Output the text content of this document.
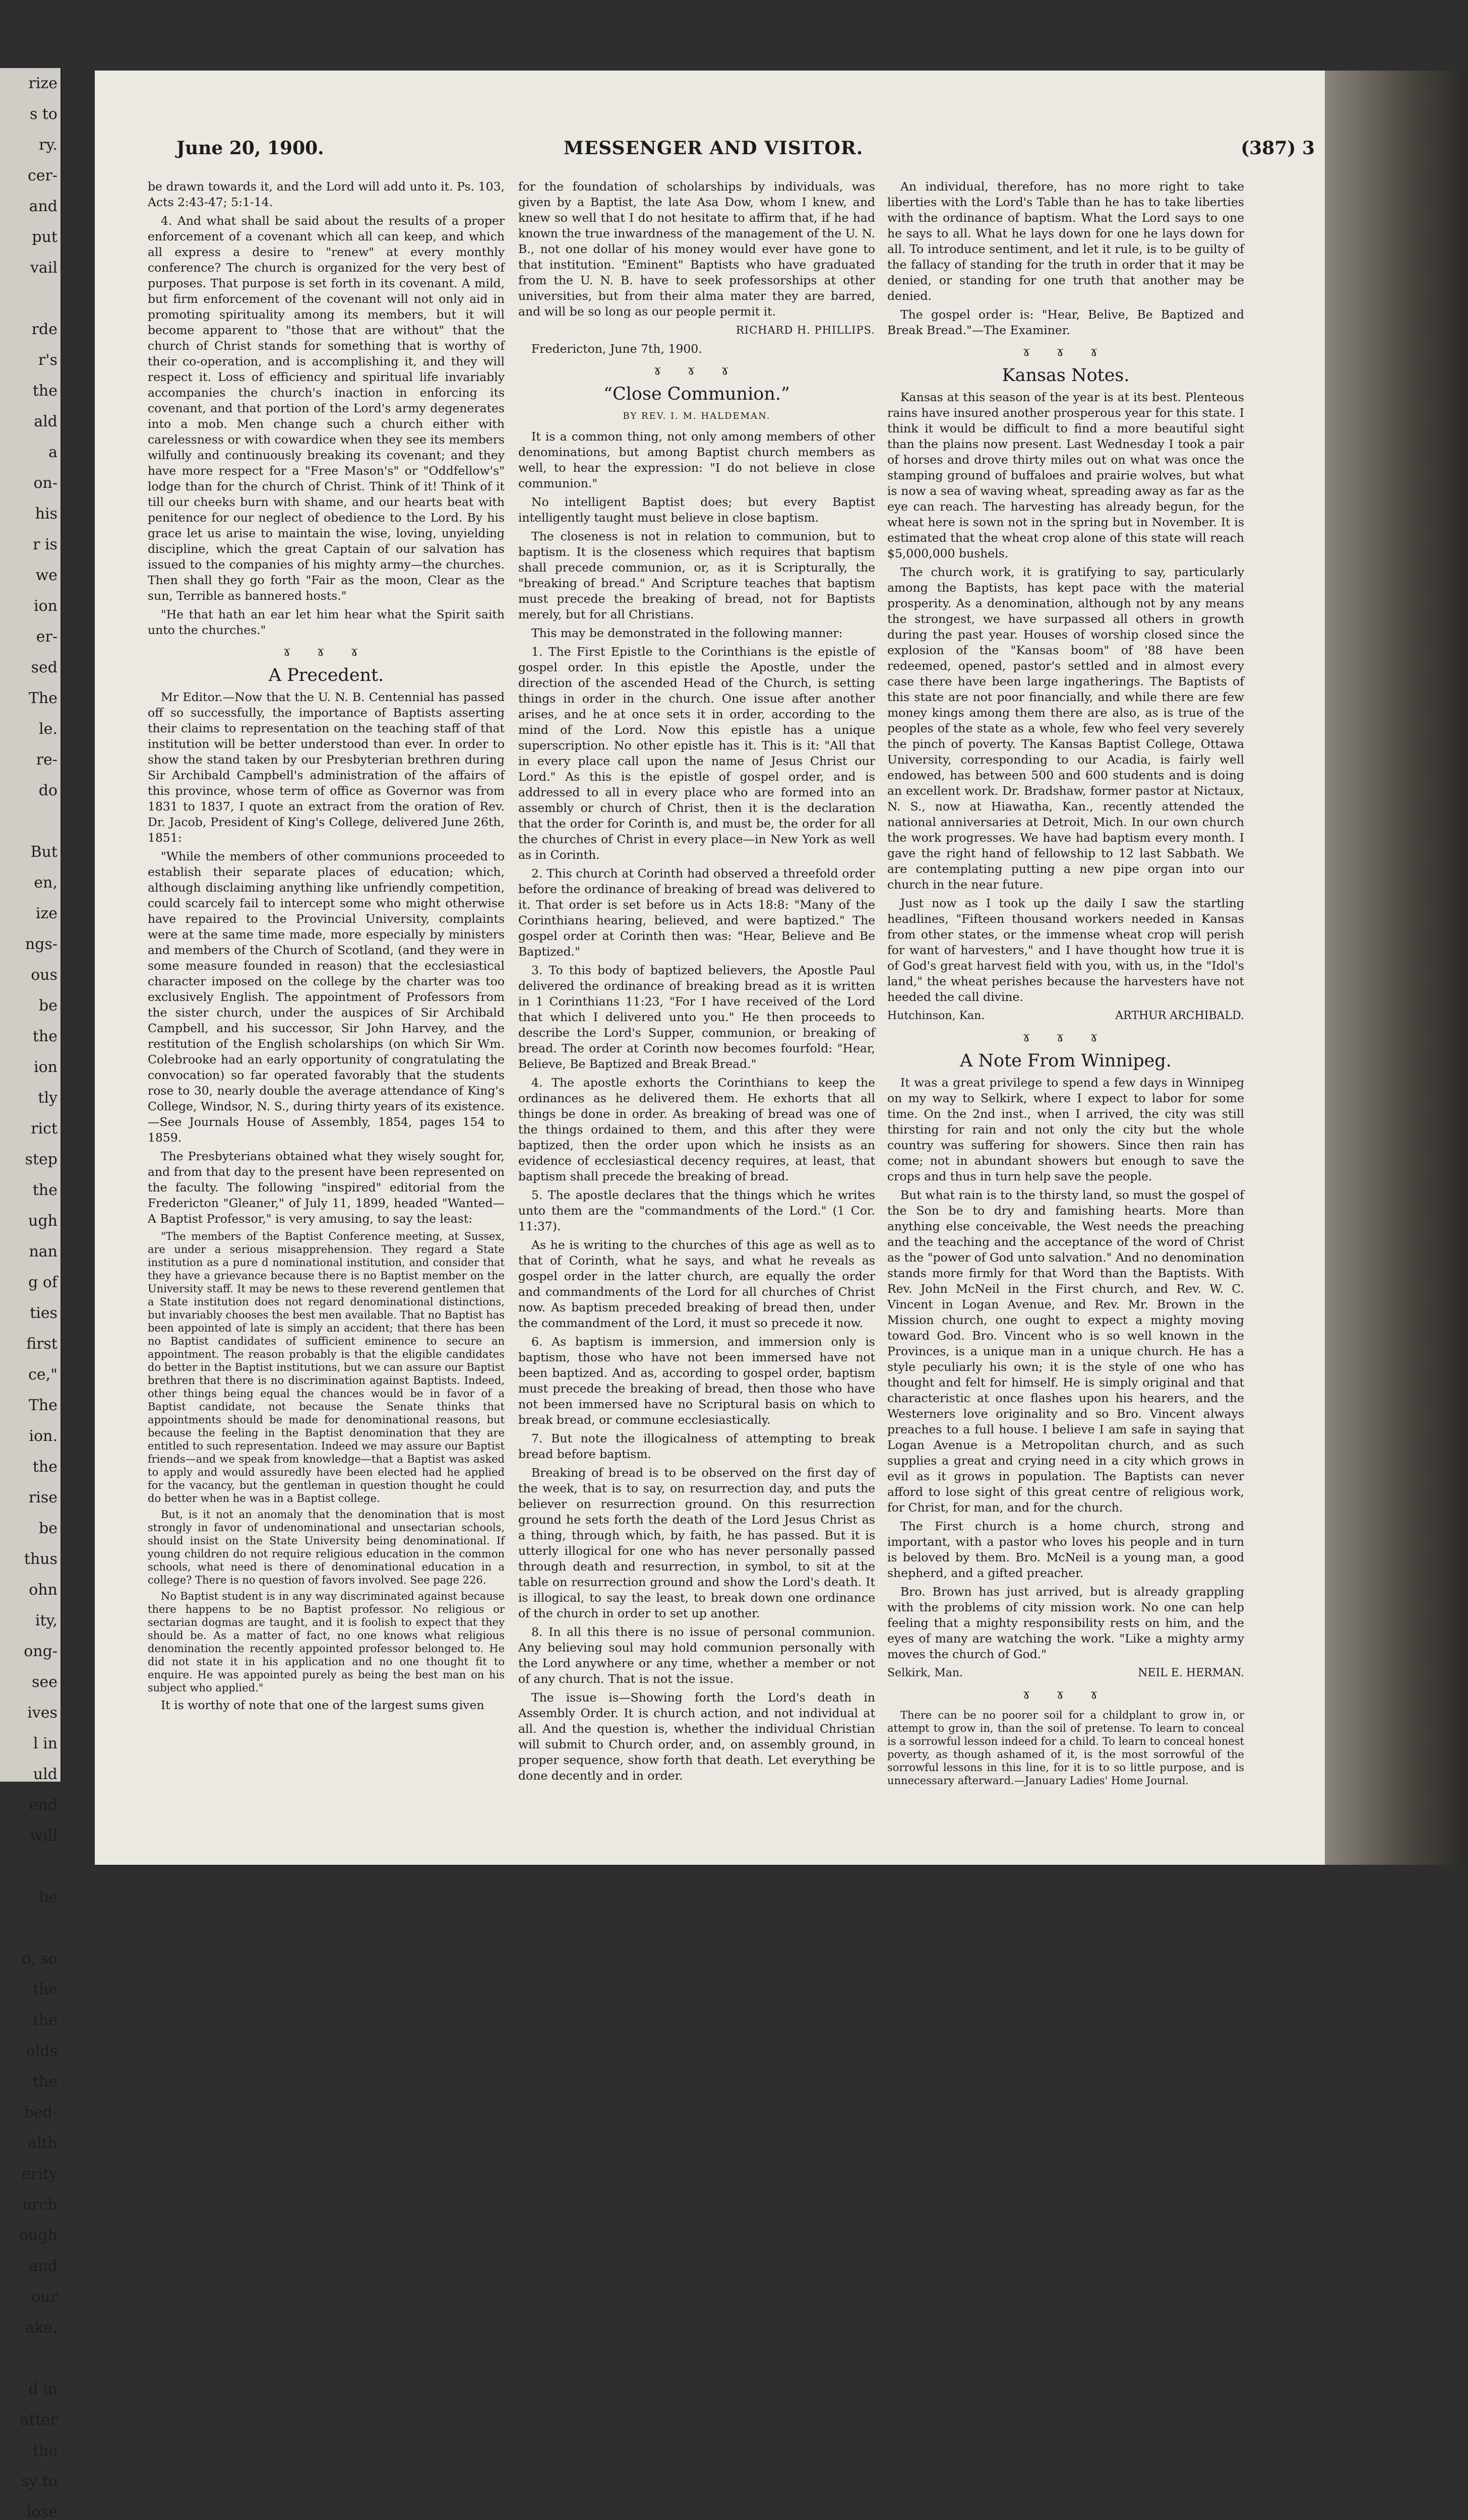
rize
s to
ry.
cer-
and
put
vail
rde
r's
the
ald
a
on-
his
r is
we
ion
er-
sed
The
le.
re-
do
But
en,
ize
ngs-
ous
be
the
ion
tly
rict
step
the
ugh
nan
g of
ties
first
ce,"
The
ion.
the
rise
be
thus
ohn
ity,
ong-
see
ives
l in
uld
end
will
be
o, so
the
the
olds
the
bed-
alth
erity
urch
ough
and
our
ake.
d in
atter
the
sy to
lose
June 20, 1900.	MESSENGER AND VISITOR.	(387) 3

be drawn towards it, and the Lord will add unto it. Ps. 103, Acts 2:43-47; 5:1-14.

4. And what shall be said about the results of a proper enforcement of a covenant which all can keep, and which all express a desire to "renew" at every monthly conference? The church is organized for the very best of purposes. That purpose is set forth in its covenant. A mild, but firm enforcement of the covenant will not only aid in promoting spirituality among its members, but it will become apparent to "those that are without" that the church of Christ stands for something that is worthy of their co-operation, and is accomplishing it, and they will respect it. Loss of efficiency and spiritual life invariably accompanies the church's inaction in enforcing its covenant, and that portion of the Lord's army degenerates into a mob. Men change such a church either with carelessness or with cowardice when they see its members wilfully and continuously breaking its covenant; and they have more respect for a "Free Mason's" or "Oddfellow's" lodge than for the church of Christ. Think of it! Think of it till our cheeks burn with shame, and our hearts beat with penitence for our neglect of obedience to the Lord. By his grace let us arise to maintain the wise, loving, unyielding discipline, which the great Captain of our salvation has issued to the companies of his mighty army—the churches. Then shall they go forth "Fair as the moon, Clear as the sun, Terrible as bannered hosts."

"He that hath an ear let him hear what the Spirit saith unto the churches."

ɤ ɤ ɤ
A Precedent.

Mr Editor.—Now that the U. N. B. Centennial has passed off so successfully, the importance of Baptists asserting their claims to representation on the teaching staff of that institution will be better understood than ever. In order to show the stand taken by our Presbyterian brethren during Sir Archibald Campbell's administration of the affairs of this province, whose term of office as Governor was from 1831 to 1837, I quote an extract from the oration of Rev. Dr. Jacob, President of King's College, delivered June 26th, 1851:

"While the members of other communions proceeded to establish their separate places of education; which, although disclaiming anything like unfriendly competition, could scarcely fail to intercept some who might otherwise have repaired to the Provincial University, complaints were at the same time made, more especially by ministers and members of the Church of Scotland, (and they were in some measure founded in reason) that the ecclesiastical character imposed on the college by the charter was too exclusively English. The appointment of Professors from the sister church, under the auspices of Sir Archibald Campbell, and his successor, Sir John Harvey, and the restitution of the English scholarships (on which Sir Wm. Colebrooke had an early opportunity of congratulating the convocation) so far operated favorably that the students rose to 30, nearly double the average attendance of King's College, Windsor, N. S., during thirty years of its existence.—See Journals House of Assembly, 1854, pages 154 to 1859.

The Presbyterians obtained what they wisely sought for, and from that day to the present have been represented on the faculty. The following "inspired" editorial from the Fredericton "Gleaner," of July 11, 1899, headed "Wanted—A Baptist Professor," is very amusing, to say the least:

"The members of the Baptist Conference meeting, at Sussex, are under a serious misapprehension. They regard a State institution as a pure d nominational institution, and consider that they have a grievance because there is no Baptist member on the University staff. It may be news to these reverend gentlemen that a State institution does not regard denominational distinctions, but invariably chooses the best men available. That no Baptist has been appointed of late is simply an accident; that there has been no Baptist candidates of sufficient eminence to secure an appointment. The reason probably is that the eligible candidates do better in the Baptist institutions, but we can assure our Baptist brethren that there is no discrimination against Baptists. Indeed, other things being equal the chances would be in favor of a Baptist candidate, not because the Senate thinks that appointments should be made for denominational reasons, but because the feeling in the Baptist denomination that they are entitled to such representation. Indeed we may assure our Baptist friends—and we speak from knowledge—that a Baptist was asked to apply and would assuredly have been elected had he applied for the vacancy, but the gentleman in question thought he could do better when he was in a Baptist college.

But, is it not an anomaly that the denomination that is most strongly in favor of undenominational and unsectarian schools, should insist on the State University being denominational. If young children do not require religious education in the common schools, what need is there of denominational education in a college? There is no question of favors involved. See page 226.

No Baptist student is in any way discriminated against because there happens to be no Baptist professor. No religious or sectarian dogmas are taught, and it is foolish to expect that they should be. As a matter of fact, no one knows what religious denomination the recently appointed professor belonged to. He did not state it in his application and no one thought fit to enquire. He was appointed purely as being the best man on his subject who applied."

It is worthy of note that one of the largest sums given

for the foundation of scholarships by individuals, was given by a Baptist, the late Asa Dow, whom I knew, and knew so well that I do not hesitate to affirm that, if he had known the true inwardness of the management of the U. N. B., not one dollar of his money would ever have gone to that institution. "Eminent" Baptists who have graduated from the U. N. B. have to seek professorships at other universities, but from their alma mater they are barred, and will be so long as our people permit it.

RICHARD H. PHILLIPS.

Fredericton, June 7th, 1900.

ɤ ɤ ɤ
“Close Communion.”
BY REV. I. M. HALDEMAN.

It is a common thing, not only among members of other denominations, but among Baptist church members as well, to hear the expression: "I do not believe in close communion."

No intelligent Baptist does; but every Baptist intelligently taught must believe in close baptism.

The closeness is not in relation to communion, but to baptism. It is the closeness which requires that baptism shall precede communion, or, as it is Scripturally, the "breaking of bread." And Scripture teaches that baptism must precede the breaking of bread, not for Baptists merely, but for all Christians.

This may be demonstrated in the following manner:

1. The First Epistle to the Corinthians is the epistle of gospel order. In this epistle the Apostle, under the direction of the ascended Head of the Church, is setting things in order in the church. One issue after another arises, and he at once sets it in order, according to the mind of the Lord. Now this epistle has a unique superscription. No other epistle has it. This is it: "All that in every place call upon the name of Jesus Christ our Lord." As this is the epistle of gospel order, and is addressed to all in every place who are formed into an assembly or church of Christ, then it is the declaration that the order for Corinth is, and must be, the order for all the churches of Christ in every place—in New York as well as in Corinth.

2. This church at Corinth had observed a threefold order before the ordinance of breaking of bread was delivered to it. That order is set before us in Acts 18:8: "Many of the Corinthians hearing, believed, and were baptized." The gospel order at Corinth then was: "Hear, Believe and Be Baptized."

3. To this body of baptized believers, the Apostle Paul delivered the ordinance of breaking bread as it is written in 1 Corinthians 11:23, "For I have received of the Lord that which I delivered unto you." He then proceeds to describe the Lord's Supper, communion, or breaking of bread. The order at Corinth now becomes fourfold: "Hear, Believe, Be Baptized and Break Bread."

4. The apostle exhorts the Corinthians to keep the ordinances as he delivered them. He exhorts that all things be done in order. As breaking of bread was one of the things ordained to them, and this after they were baptized, then the order upon which he insists as an evidence of ecclesiastical decency requires, at least, that baptism shall precede the breaking of bread.

5. The apostle declares that the things which he writes unto them are the "commandments of the Lord." (1 Cor. 11:37).

As he is writing to the churches of this age as well as to that of Corinth, what he says, and what he reveals as gospel order in the latter church, are equally the order and commandments of the Lord for all churches of Christ now. As baptism preceded breaking of bread then, under the commandment of the Lord, it must so precede it now.

6. As baptism is immersion, and immersion only is baptism, those who have not been immersed have not been baptized. And as, according to gospel order, baptism must precede the breaking of bread, then those who have not been immersed have no Scriptural basis on which to break bread, or commune ecclesiastically.

7. But note the illogicalness of attempting to break bread before baptism.

Breaking of bread is to be observed on the first day of the week, that is to say, on resurrection day, and puts the believer on resurrection ground. On this resurrection ground he sets forth the death of the Lord Jesus Christ as a thing, through which, by faith, he has passed. But it is utterly illogical for one who has never personally passed through death and resurrection, in symbol, to sit at the table on resurrection ground and show the Lord's death. It is illogical, to say the least, to break down one ordinance of the church in order to set up another.

8. In all this there is no issue of personal communion. Any believing soul may hold communion personally with the Lord anywhere or any time, whether a member or not of any church. That is not the issue.

The issue is—Showing forth the Lord's death in Assembly Order. It is church action, and not individual at all. And the question is, whether the individual Christian will submit to Church order, and, on assembly ground, in proper sequence, show forth that death. Let everything be done decently and in order.

An individual, therefore, has no more right to take liberties with the Lord's Table than he has to take liberties with the ordinance of baptism. What the Lord says to one he says to all. What he lays down for one he lays down for all. To introduce sentiment, and let it rule, is to be guilty of the fallacy of standing for the truth in order that it may be denied, or standing for one truth that another may be denied.

The gospel order is: "Hear, Belive, Be Baptized and Break Bread."—The Examiner.

ɤ ɤ ɤ
Kansas Notes.

Kansas at this season of the year is at its best. Plenteous rains have insured another prosperous year for this state. I think it would be difficult to find a more beautiful sight than the plains now present. Last Wednesday I took a pair of horses and drove thirty miles out on what was once the stamping ground of buffaloes and prairie wolves, but what is now a sea of waving wheat, spreading away as far as the eye can reach. The harvesting has already begun, for the wheat here is sown not in the spring but in November. It is estimated that the wheat crop alone of this state will reach $5,000,000 bushels.

The church work, it is gratifying to say, particularly among the Baptists, has kept pace with the material prosperity. As a denomination, although not by any means the strongest, we have surpassed all others in growth during the past year. Houses of worship closed since the explosion of the "Kansas boom" of '88 have been redeemed, opened, pastor's settled and in almost every case there have been large ingatherings. The Baptists of this state are not poor financially, and while there are few money kings among them there are also, as is true of the peoples of the state as a whole, few who feel very severely the pinch of poverty. The Kansas Baptist College, Ottawa University, corresponding to our Acadia, is fairly well endowed, has between 500 and 600 students and is doing an excellent work. Dr. Bradshaw, former pastor at Nictaux, N. S., now at Hiawatha, Kan., recently attended the national anniversaries at Detroit, Mich. In our own church the work progresses. We have had baptism every month. I gave the right hand of fellowship to 12 last Sabbath. We are contemplating putting a new pipe organ into our church in the near future.

Just now as I took up the daily I saw the startling headlines, "Fifteen thousand workers needed in Kansas from other states, or the immense wheat crop will perish for want of harvesters," and I have thought how true it is of God's great harvest field with you, with us, in the "Idol's land," the wheat perishes because the harvesters have not heeded the call divine.

Hutchinson, Kan.	ARTHUR ARCHIBALD.
ɤ ɤ ɤ
A Note From Winnipeg.

It was a great privilege to spend a few days in Winnipeg on my way to Selkirk, where I expect to labor for some time. On the 2nd inst., when I arrived, the city was still thirsting for rain and not only the city but the whole country was suffering for showers. Since then rain has come; not in abundant showers but enough to save the crops and thus in turn help save the people.

But what rain is to the thirsty land, so must the gospel of the Son be to dry and famishing hearts. More than anything else conceivable, the West needs the preaching and the teaching and the acceptance of the word of Christ as the "power of God unto salvation." And no denomination stands more firmly for that Word than the Baptists. With Rev. John McNeil in the First church, and Rev. W. C. Vincent in Logan Avenue, and Rev. Mr. Brown in the Mission church, one ought to expect a mighty moving toward God. Bro. Vincent who is so well known in the Provinces, is a unique man in a unique church. He has a style peculiarly his own; it is the style of one who has thought and felt for himself. He is simply original and that characteristic at once flashes upon his hearers, and the Westerners love originality and so Bro. Vincent always preaches to a full house. I believe I am safe in saying that Logan Avenue is a Metropolitan church, and as such supplies a great and crying need in a city which grows in evil as it grows in population. The Baptists can never afford to lose sight of this great centre of religious work, for Christ, for man, and for the church.

The First church is a home church, strong and important, with a pastor who loves his people and in turn is beloved by them. Bro. McNeil is a young man, a good shepherd, and a gifted preacher.

Bro. Brown has just arrived, but is already grappling with the problems of city mission work. No one can help feeling that a mighty responsibility rests on him, and the eyes of many are watching the work. "Like a mighty army moves the church of God."

Selkirk, Man.	NEIL E. HERMAN.
ɤ ɤ ɤ

There can be no poorer soil for a childplant to grow in, or attempt to grow in, than the soil of pretense. To learn to conceal is a sorrowful lesson indeed for a child. To learn to conceal honest poverty, as though ashamed of it, is the most sorrowful of the sorrowful lessons in this line, for it is to so little purpose, and is unnecessary afterward.—January Ladies' Home Journal.
